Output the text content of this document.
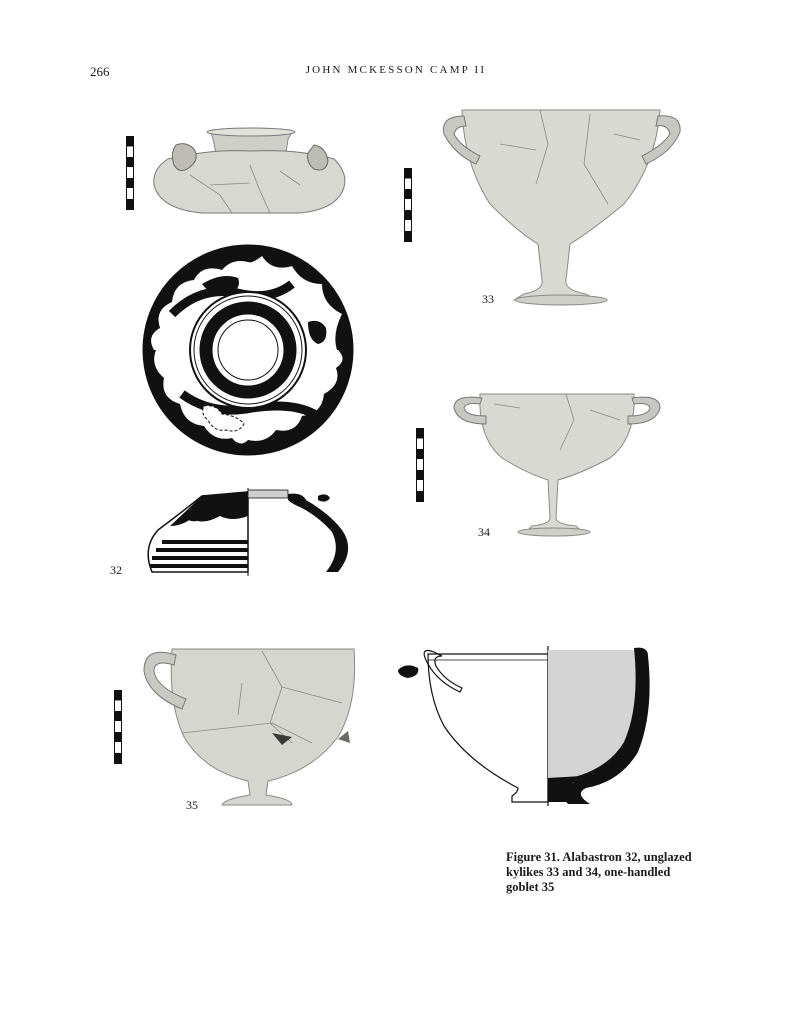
266	JOHN MCKESSON CAMP II
32
33
34
35
Figure 31. Alabastron 32, unglazed kylikes 33 and 34, one-handled goblet 35
